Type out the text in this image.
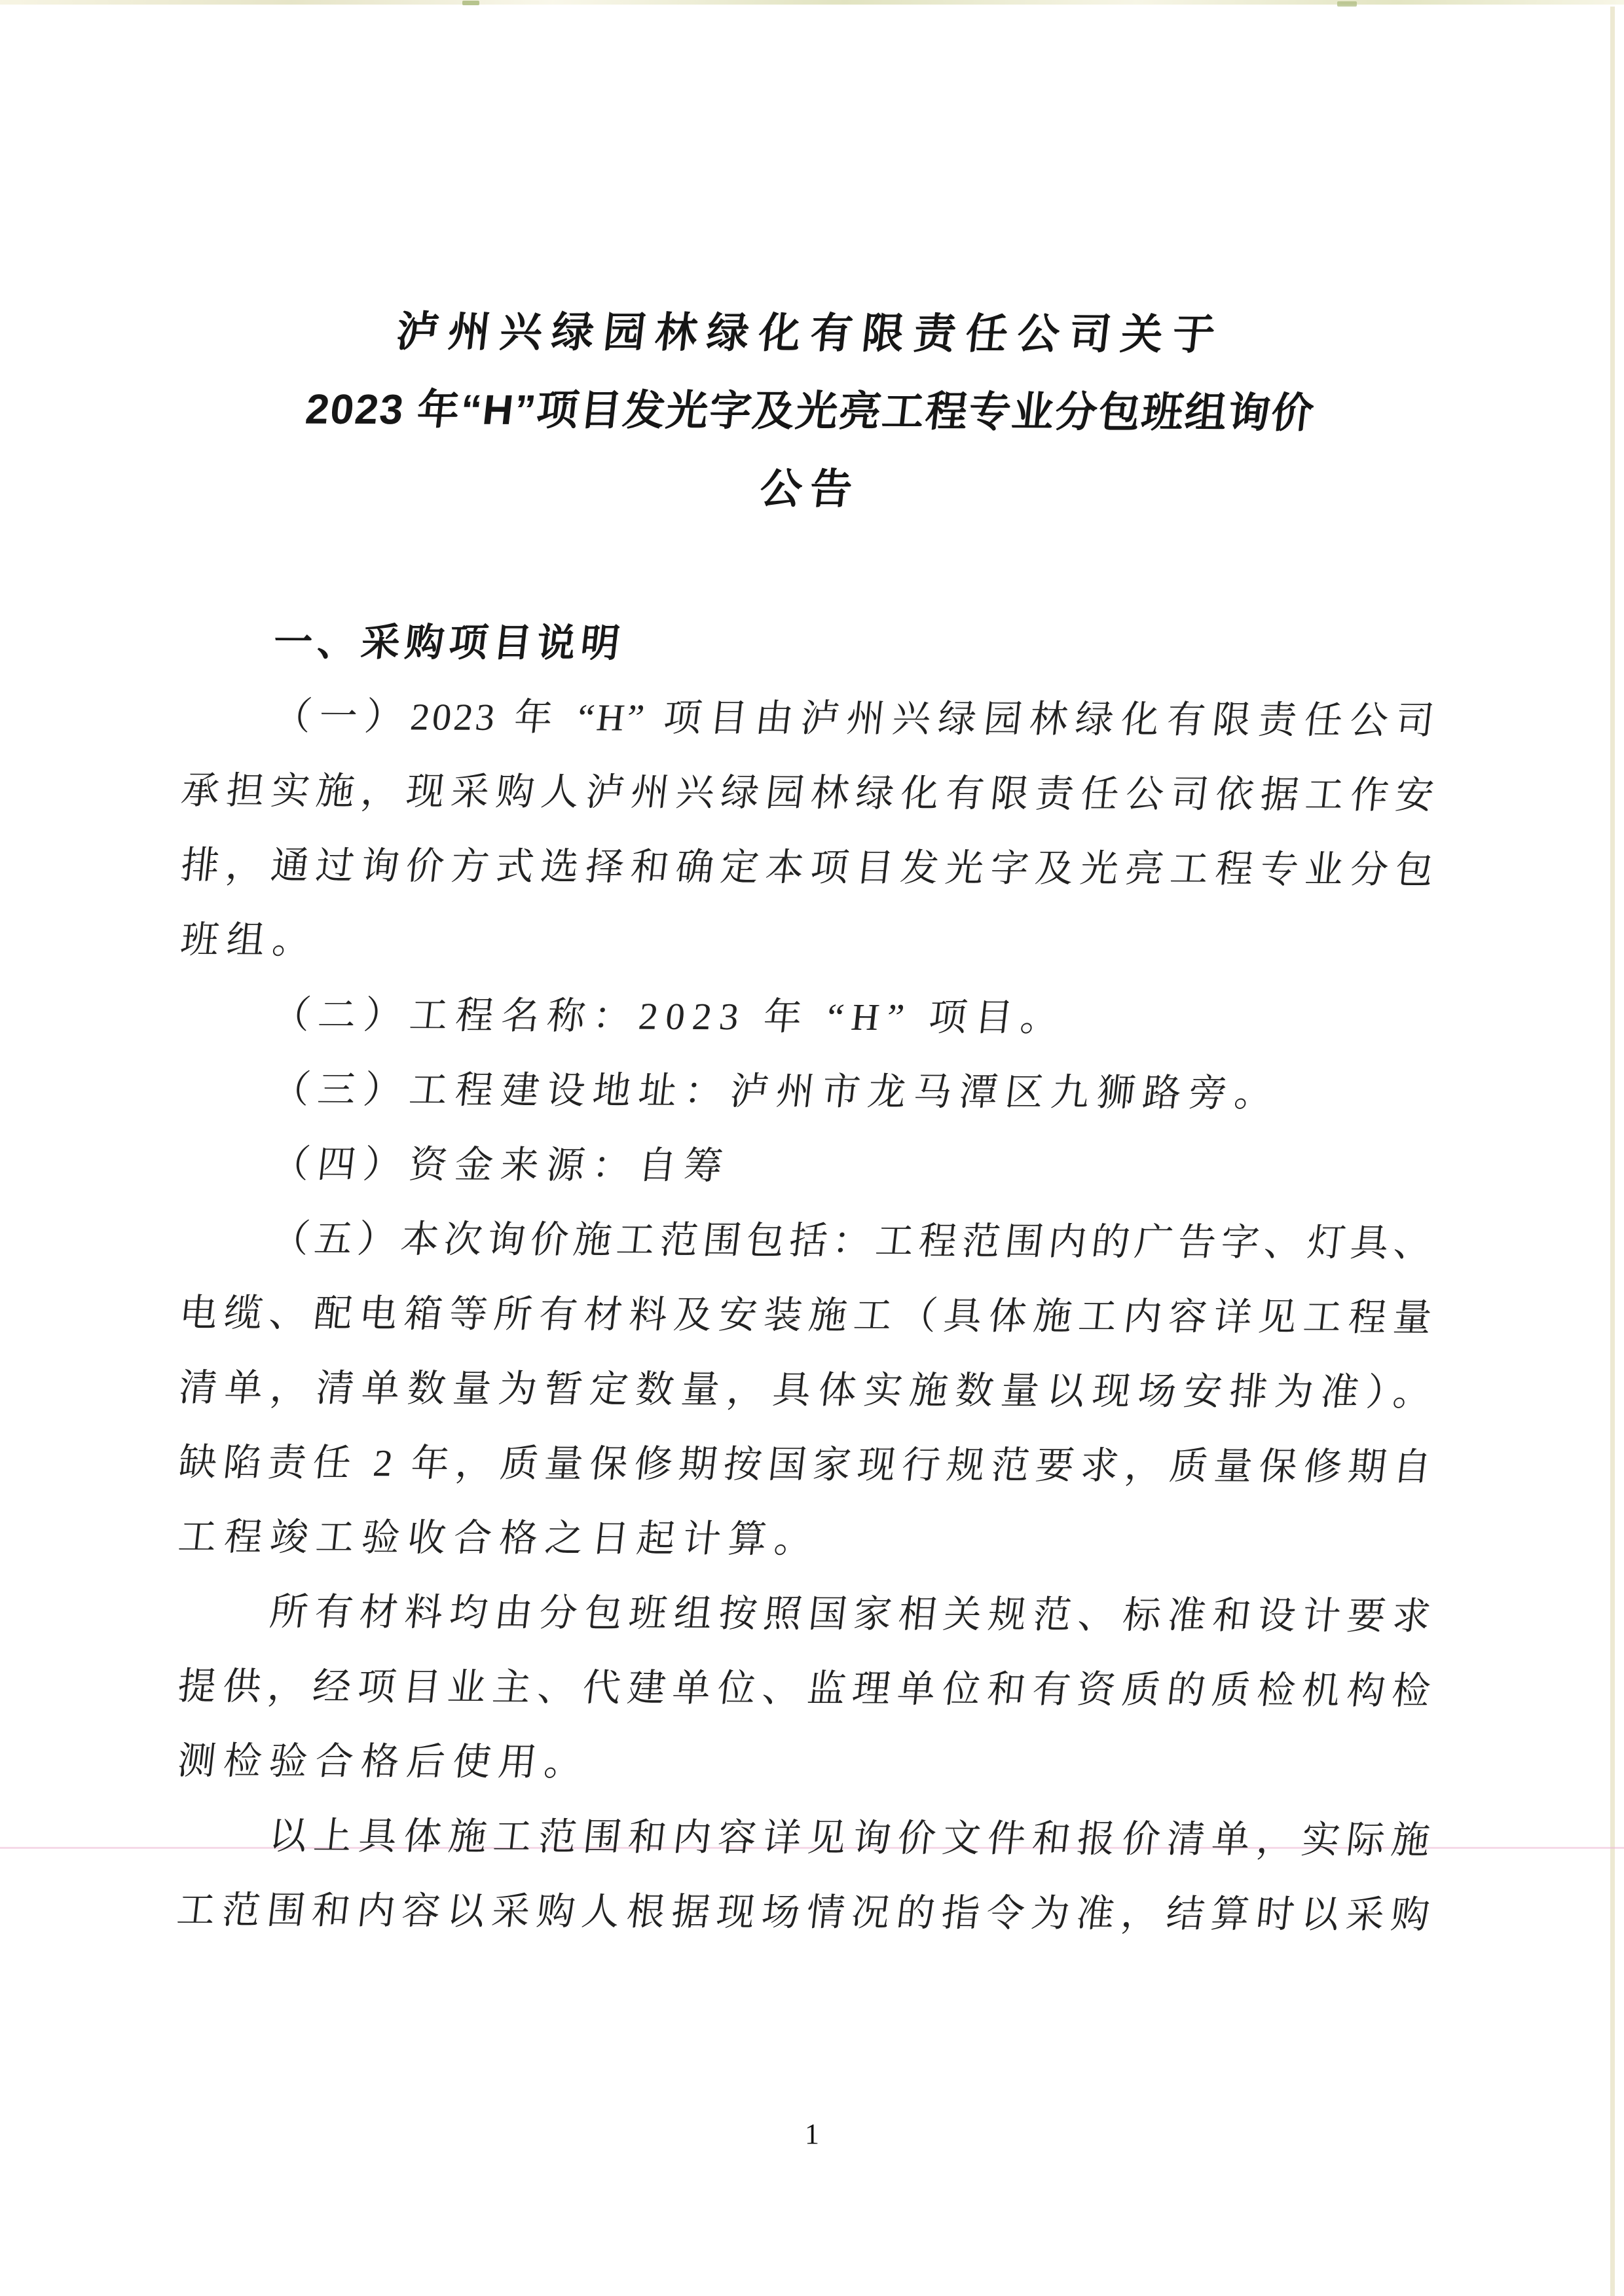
泸州兴绿园林绿化有限责任公司关于
2023 年“H”项目发光字及光亮工程专业分包班组询价
公告
一、采购项目说明
（一）2023 年 “H” 项目由泸州兴绿园林绿化有限责任公司
承担实施，现采购人泸州兴绿园林绿化有限责任公司依据工作安
排，通过询价方式选择和确定本项目发光字及光亮工程专业分包
班组。
（二）工程名称：2023 年 “H” 项目。
（三）工程建设地址：泸州市龙马潭区九狮路旁。
（四）资金来源：自筹
（五）本次询价施工范围包括：工程范围内的广告字、灯具、
电缆、配电箱等所有材料及安装施工（具体施工内容详见工程量
清单，清单数量为暂定数量，具体实施数量以现场安排为准）。
缺陷责任 2 年，质量保修期按国家现行规范要求，质量保修期自
工程竣工验收合格之日起计算。
所有材料均由分包班组按照国家相关规范、标准和设计要求
提供，经项目业主、代建单位、监理单位和有资质的质检机构检
测检验合格后使用。
以上具体施工范围和内容详见询价文件和报价清单，实际施
工范围和内容以采购人根据现场情况的指令为准，结算时以采购
1
